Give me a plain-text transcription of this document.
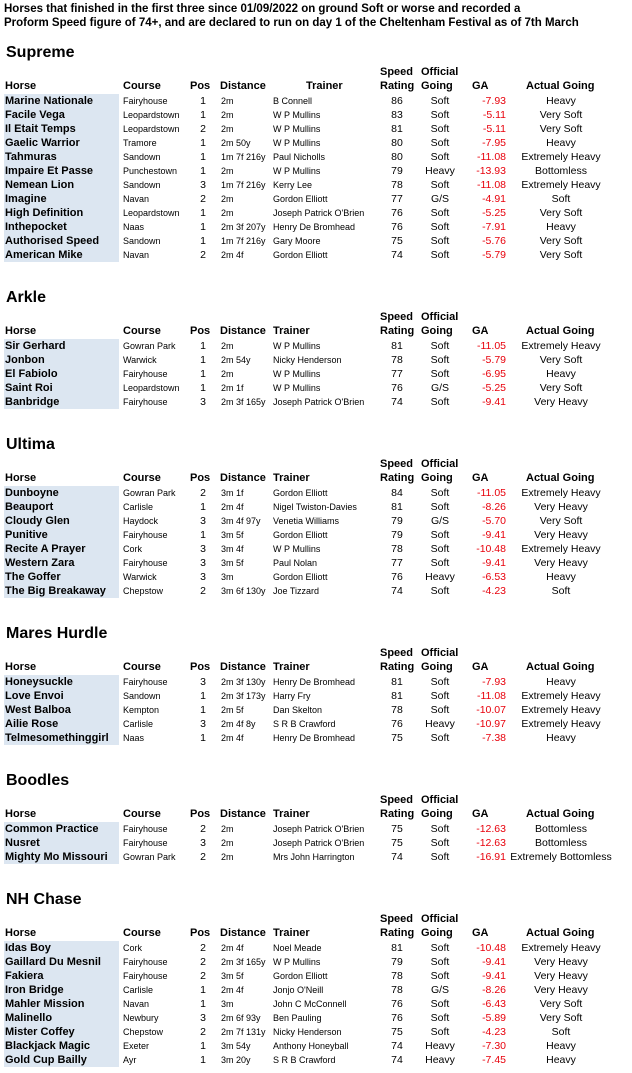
Horses that finished in the first three since 01/09/2022 on ground Soft or worse and recorded a
Proform Speed figure of 74+, and are declared to run on day 1 of the Cheltenham Festival as of 7th March
Supreme
Speed Official
Horse	Course	Pos Distance	Trainer	Rating Going GA	Actual Going
Marine Nationale	Fairyhouse	1	2m	B Connell	86	Soft	-7.93	Heavy
Facile Vega	Leopardstown	1	2m	W P Mullins	83	Soft	-5.11	Very Soft
Il Etait Temps	Leopardstown	2	2m	W P Mullins	81	Soft	-5.11	Very Soft
Gaelic Warrior	Tramore	1	2m 50y W P Mullins	80	Soft	-7.95	Heavy
Tahmuras	Sandown	1	1m 7f 216y Paul Nicholls	80	Soft	-11.08	Extremely Heavy
Impaire Et Passe	Punchestown	1	2m	W P Mullins	79	Heavy	-13.93	Bottomless
Nemean Lion	Sandown	3	1m 7f 216y Kerry Lee	78	Soft	-11.08	Extremely Heavy
Imagine	Navan	2	2m	Gordon Elliott	77	G/S	-4.91	Soft
High Definition	Leopardstown	1	2m	Joseph Patrick O'Brien	76	Soft	-5.25	Very Soft
Inthepocket	Naas	1	2m 3f 207y Henry De Bromhead	76	Soft	-7.91	Heavy
Authorised Speed	Sandown	1	1m 7f 216y Gary Moore	75	Soft	-5.76	Very Soft
American Mike	Navan	2	2m 4f	Gordon Elliott	74	Soft	-5.79	Very Soft
Arkle
Speed Official
Horse	Course	Pos Distance Trainer	Rating Going GA	Actual Going
Sir Gerhard	Gowran Park	1	2m	W P Mullins	81	Soft	-11.05	Extremely Heavy
Jonbon	Warwick	1	2m 54y Nicky Henderson	78	Soft	-5.79	Very Soft
El Fabiolo	Fairyhouse	1	2m	W P Mullins	77	Soft	-6.95	Heavy
Saint Roi	Leopardstown	1	2m 1f	W P Mullins	76	G/S	-5.25	Very Soft
Banbridge	Fairyhouse	3	2m 3f 165y Joseph Patrick O'Brien	74	Soft	-9.41	Very Heavy
Ultima
Speed Official
Horse	Course	Pos Distance Trainer	Rating Going GA	Actual Going
Dunboyne	Gowran Park	2	3m 1f	Gordon Elliott	84	Soft	-11.05	Extremely Heavy
Beauport	Carlisle	1	2m 4f	Nigel Twiston-Davies	81	Soft	-8.26	Very Heavy
Cloudy Glen	Haydock	3	3m 4f 97y Venetia Williams	79	G/S	-5.70	Very Soft
Punitive	Fairyhouse	1	3m 5f	Gordon Elliott	79	Soft	-9.41	Very Heavy
Recite A Prayer	Cork	3	3m 4f	W P Mullins	78	Soft	-10.48	Extremely Heavy
Western Zara	Fairyhouse	3	3m 5f	Paul Nolan	77	Soft	-9.41	Very Heavy
The Goffer	Warwick	3	3m	Gordon Elliott	76	Heavy	-6.53	Heavy
The Big Breakaway	Chepstow	2	3m 6f 130y Joe Tizzard	74	Soft	-4.23	Soft
Mares Hurdle
Speed Official
Horse	Course	Pos Distance Trainer	Rating Going GA	Actual Going
Honeysuckle	Fairyhouse	3	2m 3f 130y Henry De Bromhead	81	Soft	-7.93	Heavy
Love Envoi	Sandown	1	2m 3f 173y Harry Fry	81	Soft	-11.08	Extremely Heavy
West Balboa	Kempton	1	2m 5f	Dan Skelton	78	Soft	-10.07	Extremely Heavy
Ailie Rose	Carlisle	3	2m 4f 8y S R B Crawford	76	Heavy	-10.97	Extremely Heavy
Telmesomethinggirl	Naas	1	2m 4f	Henry De Bromhead	75	Soft	-7.38	Heavy
Boodles
Speed Official
Horse	Course	Pos Distance Trainer	Rating Going GA	Actual Going
Common Practice	Fairyhouse	2	2m	Joseph Patrick O'Brien	75	Soft	-12.63	Bottomless
Nusret	Fairyhouse	3	2m	Joseph Patrick O'Brien	75	Soft	-12.63	Bottomless
Mighty Mo Missouri	Gowran Park	2	2m	Mrs John Harrington	74	Soft	-16.91 Extremely Bottomless
NH Chase
Speed Official
Horse	Course	Pos Distance Trainer	Rating Going GA	Actual Going
Idas Boy	Cork	2	2m 4f	Noel Meade	81	Soft	-10.48	Extremely Heavy
Gaillard Du Mesnil	Fairyhouse	2	2m 3f 165y W P Mullins	79	Soft	-9.41	Very Heavy
Fakiera	Fairyhouse	2	3m 5f	Gordon Elliott	78	Soft	-9.41	Very Heavy
Iron Bridge	Carlisle	1	2m 4f	Jonjo O'Neill	78	G/S	-8.26	Very Heavy
Mahler Mission	Navan	1	3m	John C McConnell	76	Soft	-6.43	Very Soft
Malinello	Newbury	3	2m 6f 93y Ben Pauling	76	Soft	-5.89	Very Soft
Mister Coffey	Chepstow	2	2m 7f 131y Nicky Henderson	75	Soft	-4.23	Soft
Blackjack Magic	Exeter	1	3m 54y Anthony Honeyball	74	Heavy	-7.30	Heavy
Gold Cup Bailly	Ayr	1	3m 20y S R B Crawford	74	Heavy	-7.45	Heavy
